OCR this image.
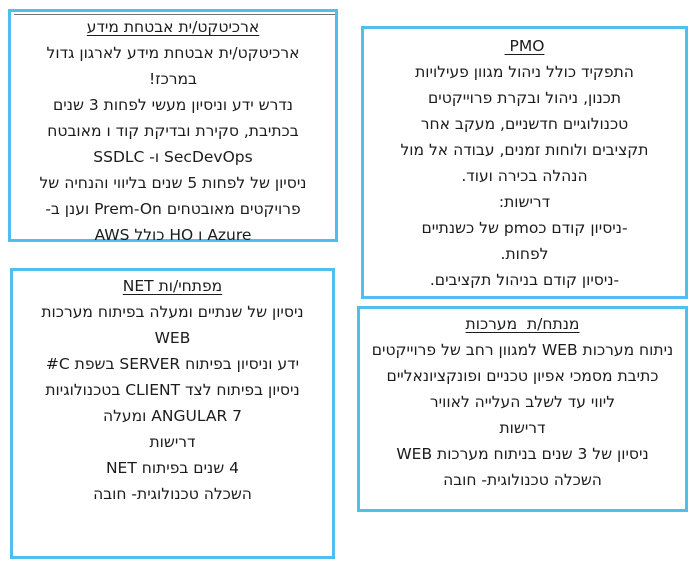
ארכיטקט/ית אבטחת מידע
ארכיטקט/ית אבטחת מידע לארגון גדול
במרכז!
נדרש ידע וניסיון מעשי לפחות 3 שנים
בכתיבת, סקירת ובדיקת קוד ו מאובטח
SecDevOps ו- SSDLC
ניסיון של לפחות 5 שנים בליווי והנחיה של
פרויקטים מאובטחים Prem-On וענן ב-
Azure ו HO כולל AWS
PMO
התפקיד כולל ניהול מגוון פעילויות
תכנון, ניהול ובקרת פרוייקטים
טכנולוגיים חדשניים, מעקב אחר
תקציבים ולוחות זמנים, עבודה אל מול
הנהלה בכירה ועוד.
דרישות:
-ניסיון קודם כpmo של כשנתיים
לפחות.
-ניסיון קודם בניהול תקציבים.
מפתחי/ות NET
ניסיון של שנתיים ומעלה בפיתוח מערכות
WEB
ידע וניסיון בפיתוח SERVER בשפת C#
ניסיון בפיתוח לצד CLIENT בטכנולוגיות
ANGULAR 7 ומעלה
דרישות
4 שנים בפיתוח NET
השכלה טכנולוגית- חובה
מנתח/ת  מערכות
ניתוח מערכות WEB למגוון רחב של פרוייקטים
כתיבת מסמכי אפיון טכניים ופונקציונאליים
ליווי עד לשלב העלייה לאוויר
דרישות
ניסיון של 3 שנים בניתוח מערכות WEB
השכלה טכנולוגית- חובה
